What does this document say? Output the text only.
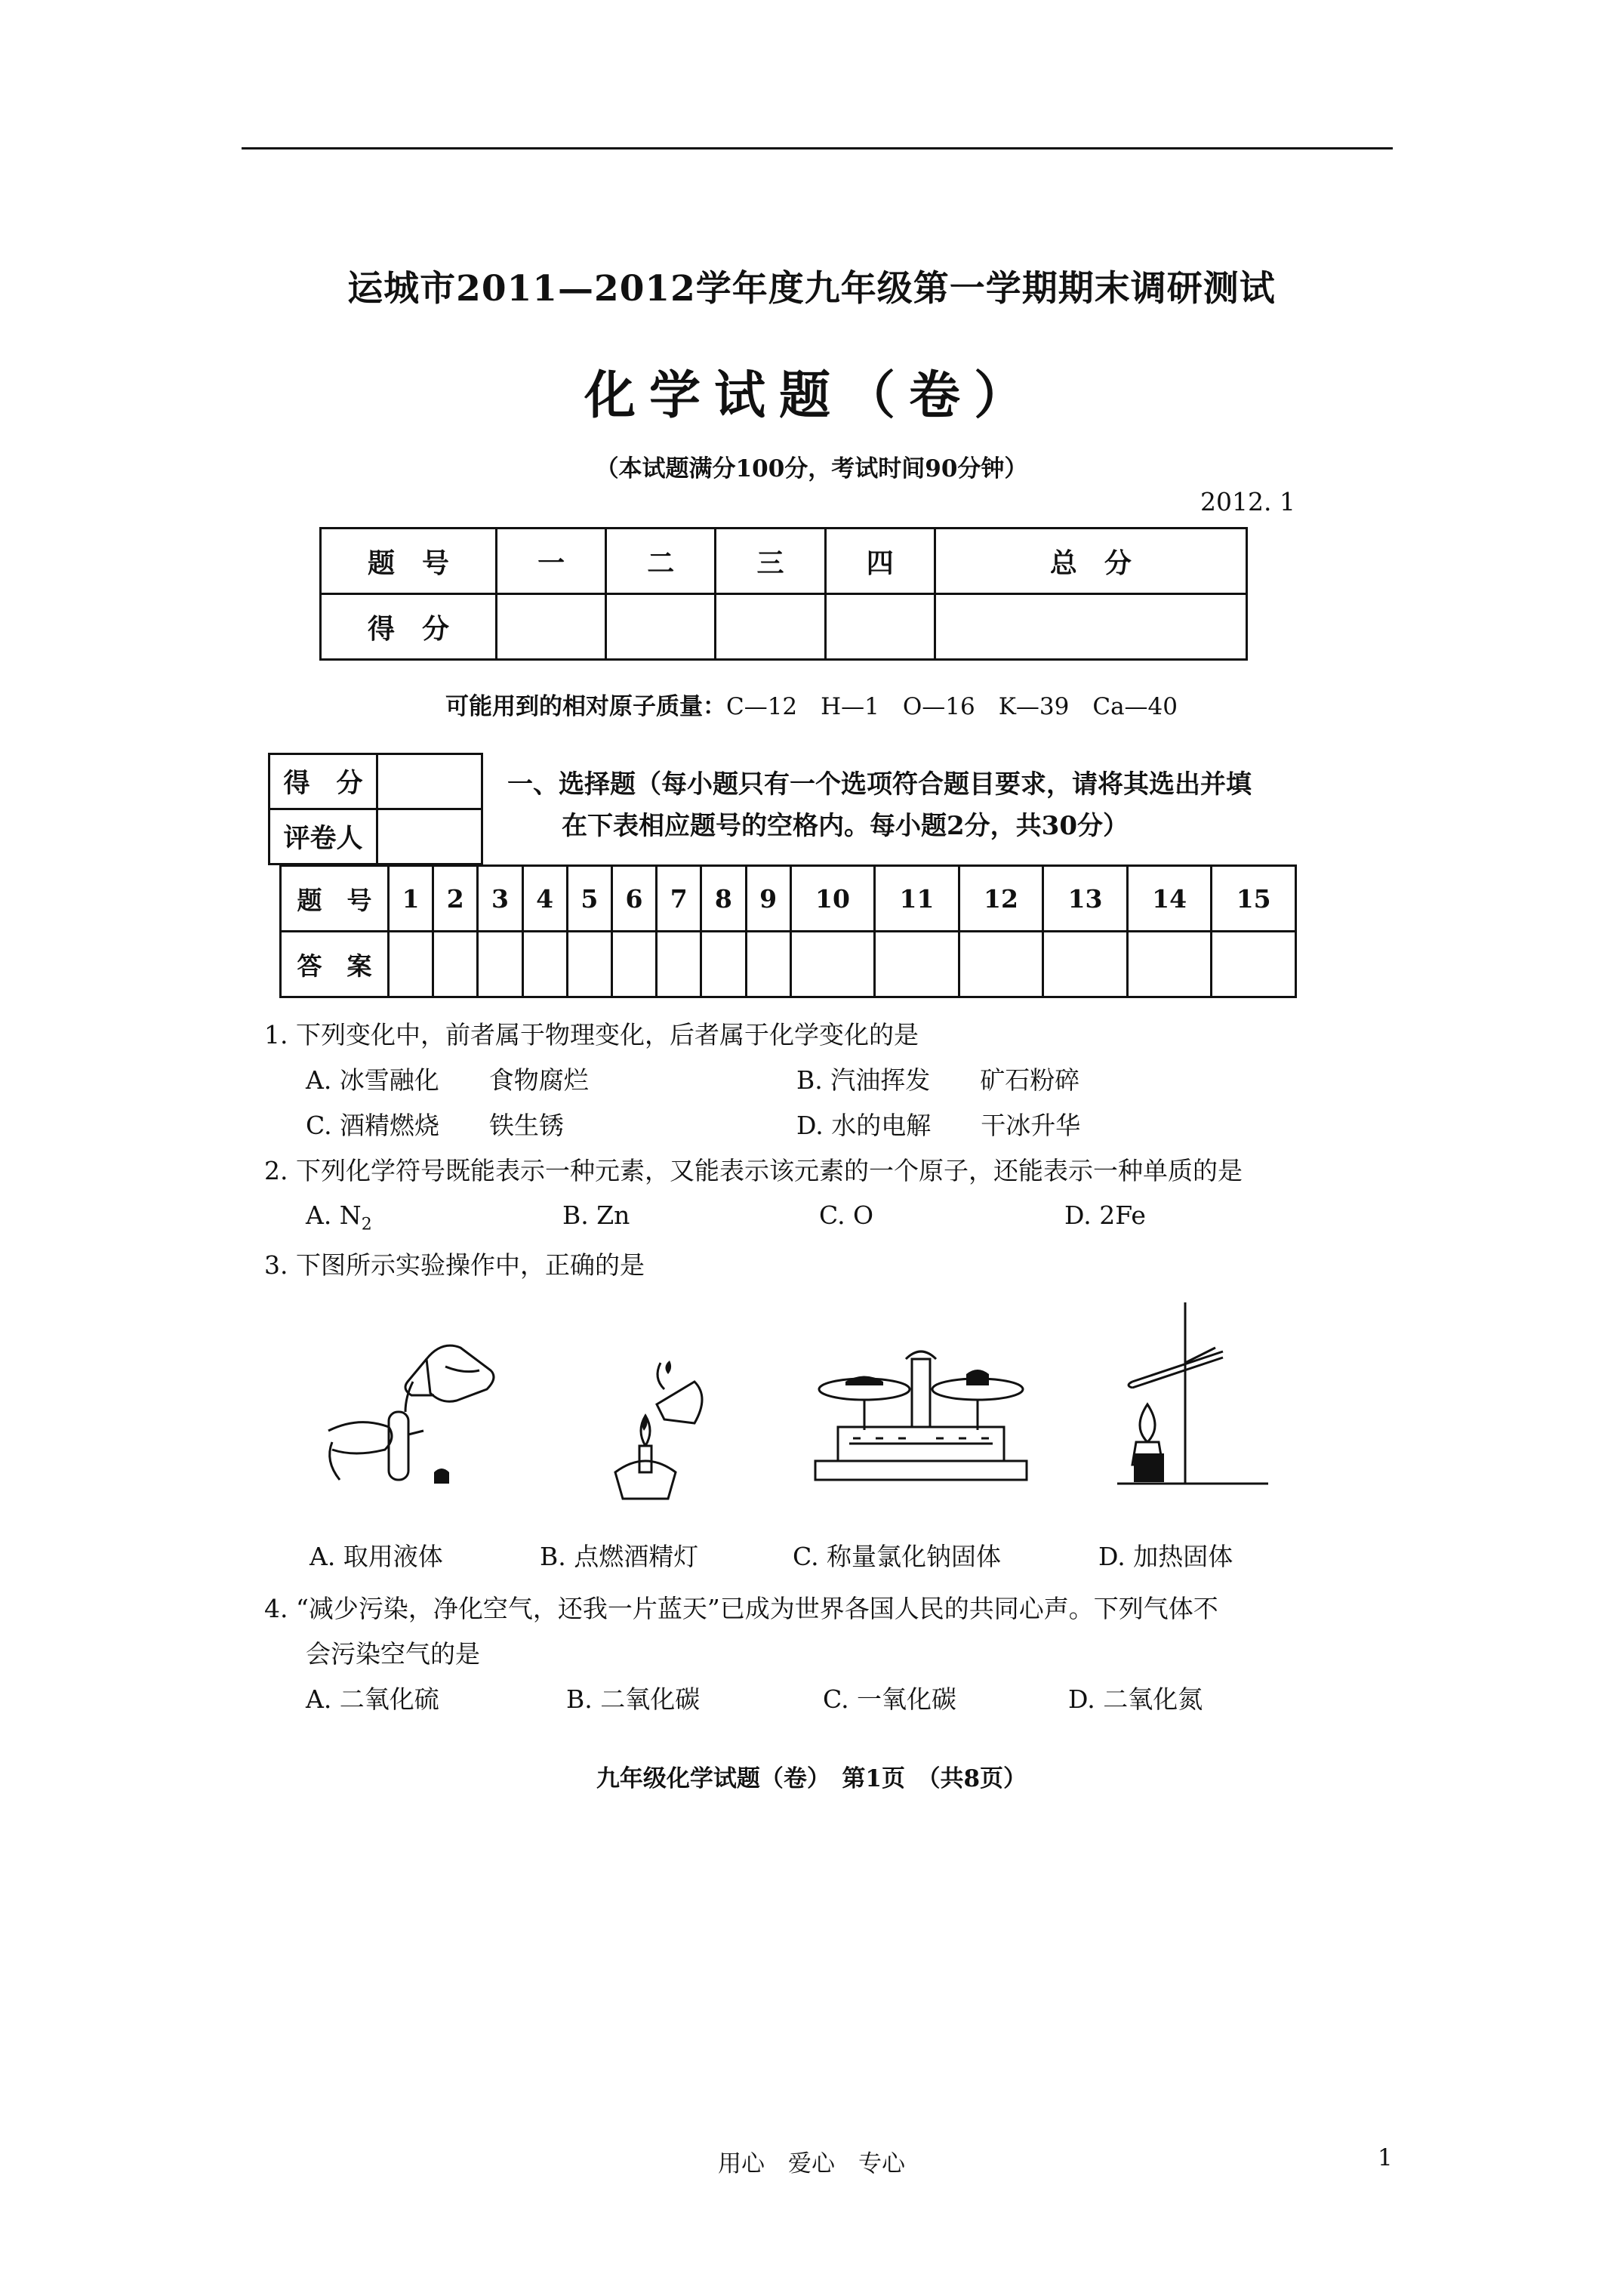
运城市2011—2012学年度九年级第一学期期末调研测试
化学试题（卷）
（本试题满分100分，考试时间90分钟）
2012. 1
题　号	一	二	三	四	总　分
得　分					
可能用到的相对原子质量：C—12　H—1　O—16　K—39　Ca—40
得　分	
评卷人	
一、选择题（每小题只有一个选项符合题目要求，请将其选出并填
在下表相应题号的空格内。每小题2分，共30分）
题　号	1	2	3	4	5	6	7	8	9	10	11	12	13	14	15
答　案															
1. 下列变化中，前者属于物理变化，后者属于化学变化的是
A. 冰雪融化　　食物腐烂	B. 汽油挥发　　矿石粉碎
C. 酒精燃烧　　铁生锈	D. 水的电解　　干冰升华
2. 下列化学符号既能表示一种元素，又能表示该元素的一个原子，还能表示一种单质的是
A. $N_2$	B. Zn	C. O	D. 2Fe
3. 下图所示实验操作中，正确的是
A. 取用液体	B. 点燃酒精灯	C. 称量氯化钠固体	D. 加热固体
4. “减少污染，净化空气，还我一片蓝天”已成为世界各国人民的共同心声。下列气体不
会污染空气的是
A. 二氧化硫	B. 二氧化碳	C. 一氧化碳	D. 二氧化氮
九年级化学试题（卷）　第1页　（共8页）
用心　爱心　专心	1
